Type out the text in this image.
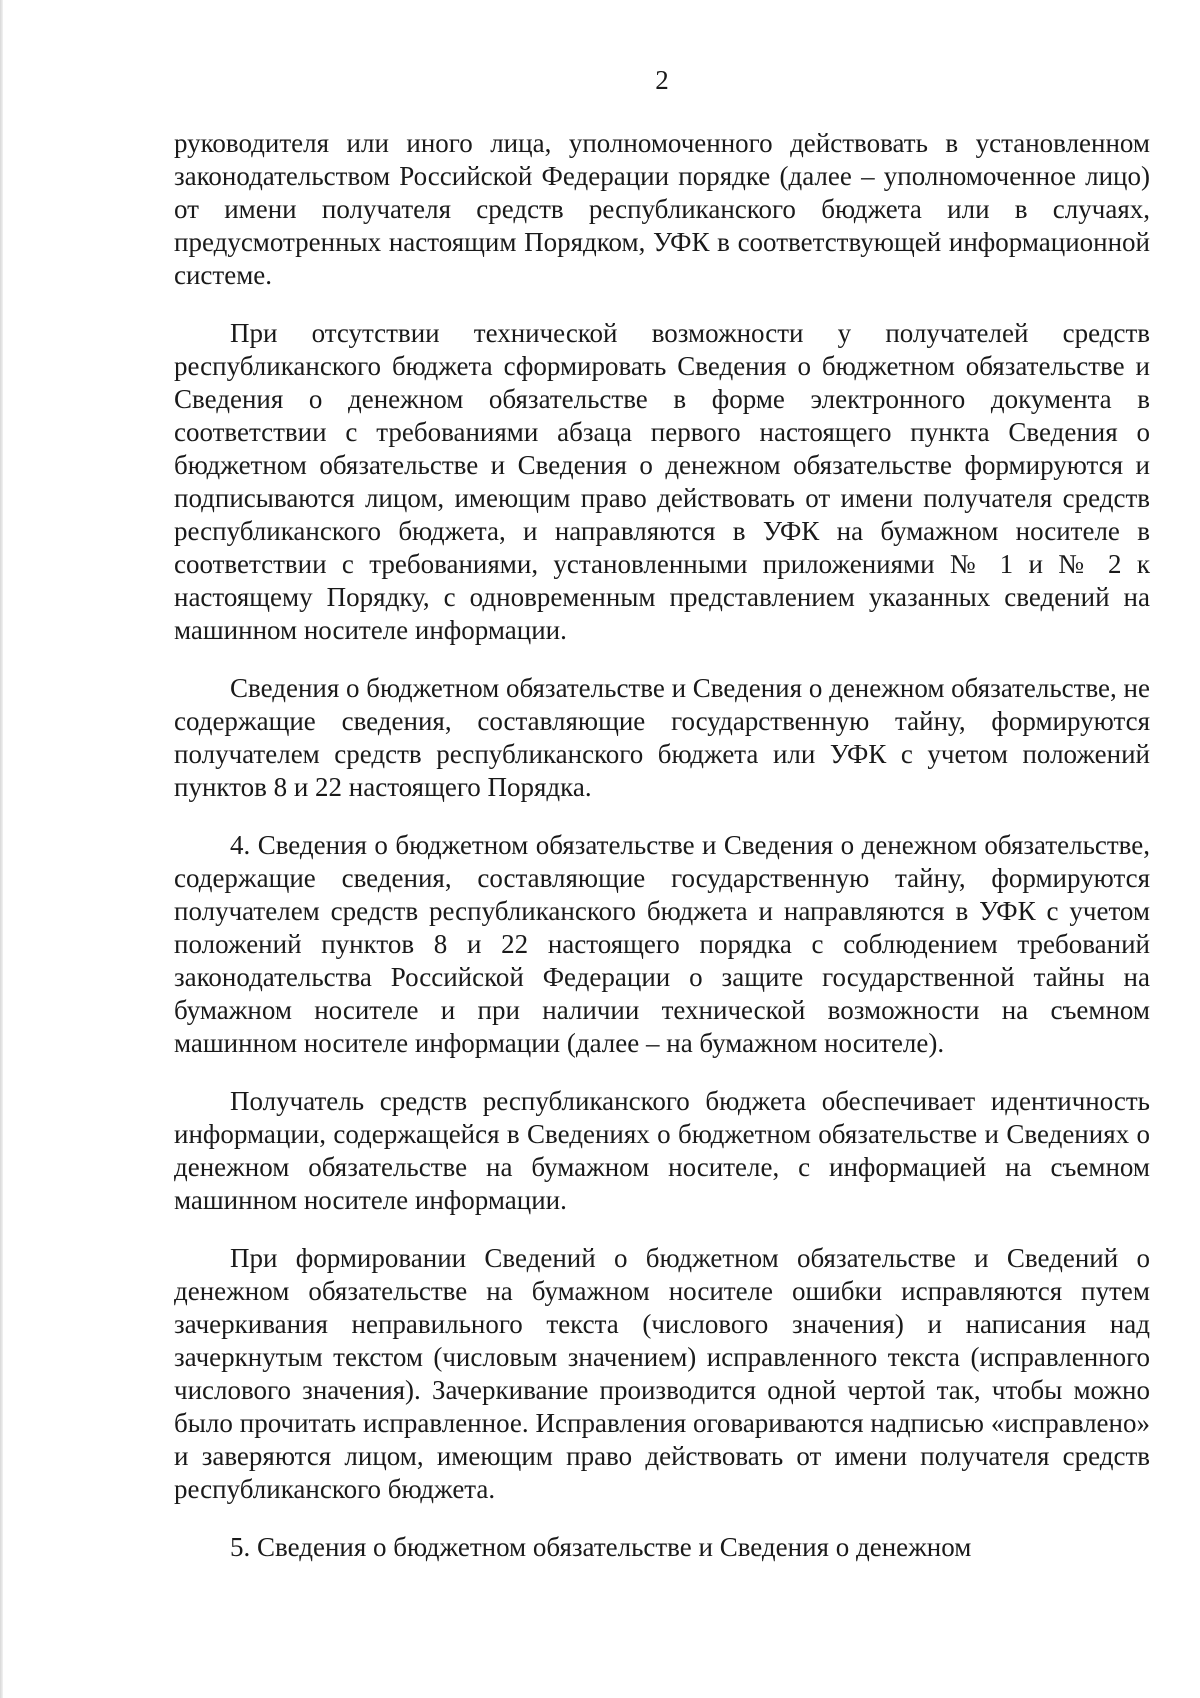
2

руководителя или иного лица, уполномоченного действовать в установленном законодательством Российской Федерации порядке (далее – уполномоченное лицо) от имени получателя средств республиканского бюджета или в случаях, предусмотренных настоящим Порядком, УФК в соответствующей информационной системе.

При отсутствии технической возможности у получателей средств республиканского бюджета сформировать Сведения о бюджетном обязательстве и Сведения о денежном обязательстве в форме электронного документа в соответствии с требованиями абзаца первого настоящего пункта Сведения о бюджетном обязательстве и Сведения о денежном обязательстве формируются и подписываются лицом, имеющим право действовать от имени получателя средств республиканского бюджета, и направляются в УФК на бумажном носителе в соответствии с требованиями, установленными приложениями № 1 и № 2 к настоящему Порядку, с одновременным представлением указанных сведений на машинном носителе информации.

Сведения о бюджетном обязательстве и Сведения о денежном обязательстве, не содержащие сведения, составляющие государственную тайну, формируются получателем средств республиканского бюджета или УФК с учетом положений пунктов 8 и 22 настоящего Порядка.

4. Сведения о бюджетном обязательстве и Сведения о денежном обязательстве, содержащие сведения, составляющие государственную тайну, формируются получателем средств республиканского бюджета и направляются в УФК с учетом положений пунктов 8 и 22 настоящего порядка с соблюдением требований законодательства Российской Федерации о защите государственной тайны на бумажном носителе и при наличии технической возможности на съемном машинном носителе информации (далее – на бумажном носителе).

Получатель средств республиканского бюджета обеспечивает идентичность информации, содержащейся в Сведениях о бюджетном обязательстве и Сведениях о денежном обязательстве на бумажном носителе, с информацией на съемном машинном носителе информации.

При формировании Сведений о бюджетном обязательстве и Сведений о денежном обязательстве на бумажном носителе ошибки исправляются путем зачеркивания неправильного текста (числового значения) и написания над зачеркнутым текстом (числовым значением) исправленного текста (исправленного числового значения). Зачеркивание производится одной чертой так, чтобы можно было прочитать исправленное. Исправления оговариваются надписью «исправлено» и заверяются лицом, имеющим право действовать от имени получателя средств республиканского бюджета.

5. Сведения о бюджетном обязательстве и Сведения о денежном
